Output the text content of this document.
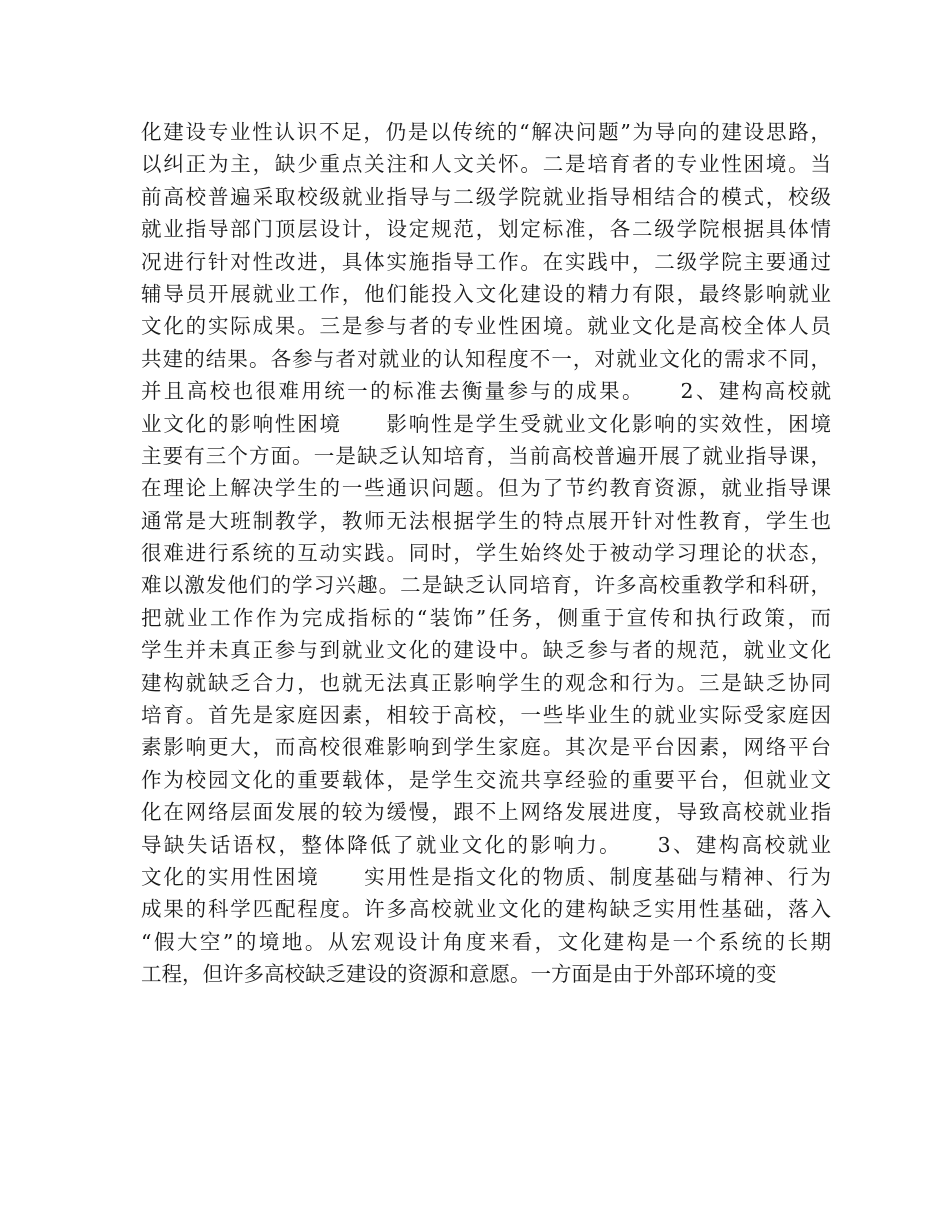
化建设专业性认识不足，仍是以传统的“解决问题”为导向的建设思路，
以纠正为主，缺少重点关注和人文关怀。二是培育者的专业性困境。当
前高校普遍采取校级就业指导与二级学院就业指导相结合的模式，校级
就业指导部门顶层设计，设定规范，划定标准，各二级学院根据具体情
况进行针对性改进，具体实施指导工作。在实践中，二级学院主要通过
辅导员开展就业工作，他们能投入文化建设的精力有限，最终影响就业
文化的实际成果。三是参与者的专业性困境。就业文化是高校全体人员
共建的结果。各参与者对就业的认知程度不一，对就业文化的需求不同，
并且高校也很难用统一的标准去衡量参与的成果。　　2、建构高校就
业文化的影响性困境　　影响性是学生受就业文化影响的实效性，困境
主要有三个方面。一是缺乏认知培育，当前高校普遍开展了就业指导课，
在理论上解决学生的一些通识问题。但为了节约教育资源，就业指导课
通常是大班制教学，教师无法根据学生的特点展开针对性教育，学生也
很难进行系统的互动实践。同时，学生始终处于被动学习理论的状态，
难以激发他们的学习兴趣。二是缺乏认同培育，许多高校重教学和科研，
把就业工作作为完成指标的“装饰”任务，侧重于宣传和执行政策，而
学生并未真正参与到就业文化的建设中。缺乏参与者的规范，就业文化
建构就缺乏合力，也就无法真正影响学生的观念和行为。三是缺乏协同
培育。首先是家庭因素，相较于高校，一些毕业生的就业实际受家庭因
素影响更大，而高校很难影响到学生家庭。其次是平台因素，网络平台
作为校园文化的重要载体，是学生交流共享经验的重要平台，但就业文
化在网络层面发展的较为缓慢，跟不上网络发展进度，导致高校就业指
导缺失话语权，整体降低了就业文化的影响力。　　3、建构高校就业
文化的实用性困境　　实用性是指文化的物质、制度基础与精神、行为
成果的科学匹配程度。许多高校就业文化的建构缺乏实用性基础，落入
“假大空”的境地。从宏观设计角度来看，文化建构是一个系统的长期
工程，但许多高校缺乏建设的资源和意愿。一方面是由于外部环境的变
